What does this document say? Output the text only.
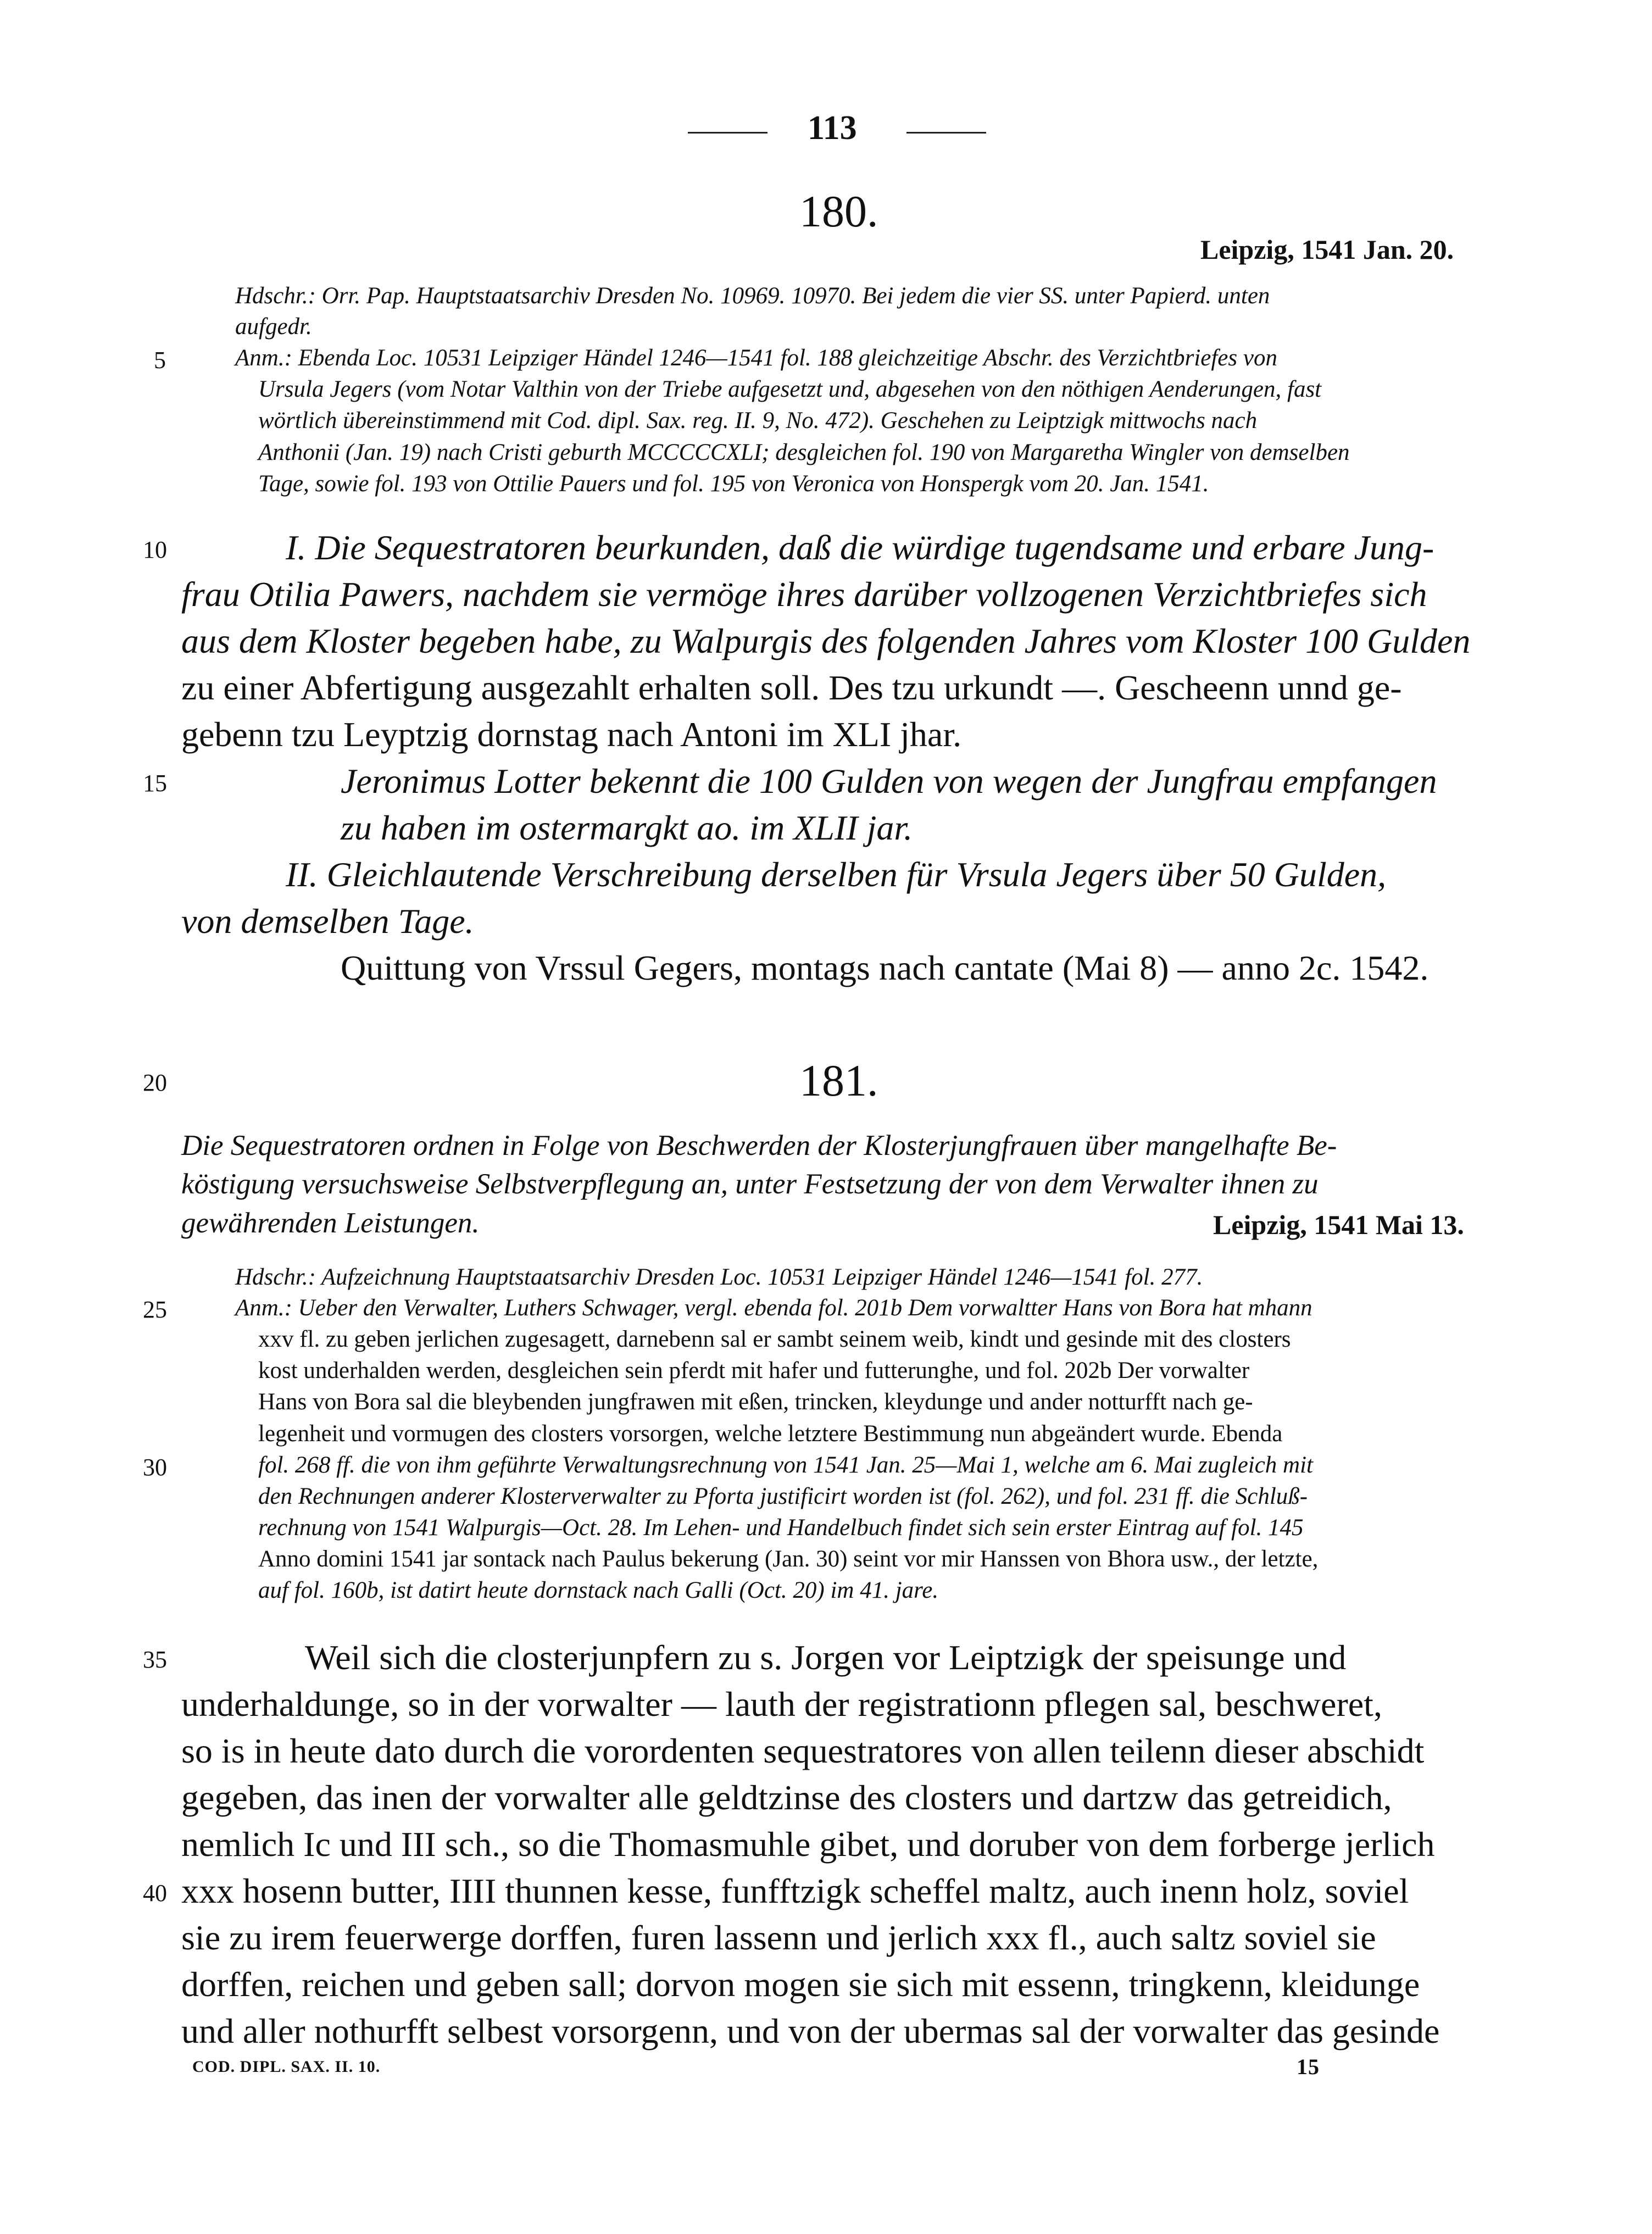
113
180.
Leipzig, 1541 Jan. 20.
Hdschr.: Orr. Pap. Hauptstaatsarchiv Dresden No. 10969. 10970. Bei jedem die vier SS. unter Papierd. unten
aufgedr.
Anm.: Ebenda Loc. 10531 Leipziger Händel 1246—1541 fol. 188 gleichzeitige Abschr. des Verzichtbriefes von
Ursula Jegers (vom Notar Valthin von der Triebe aufgesetzt und, abgesehen von den nöthigen Aenderungen, fast
wörtlich übereinstimmend mit Cod. dipl. Sax. reg. II. 9, No. 472). Geschehen zu Leiptzigk mittwochs nach
Anthonii (Jan. 19) nach Cristi geburth MCCCCCXLI; desgleichen fol. 190 von Margaretha Wingler von demselben
Tage, sowie fol. 193 von Ottilie Pauers und fol. 195 von Veronica von Honspergk vom 20. Jan. 1541.
I. Die Sequestratoren beurkunden, daß die würdige tugendsame und erbare Jung-
frau Otilia Pawers, nachdem sie vermöge ihres darüber vollzogenen Verzichtbriefes sich
aus dem Kloster begeben habe, zu Walpurgis des folgenden Jahres vom Kloster 100 Gulden
zu einer Abfertigung ausgezahlt erhalten soll. Des tzu urkundt —. Gescheenn unnd ge-
gebenn tzu Leyptzig dornstag nach Antoni im XLI jhar.
Jeronimus Lotter bekennt die 100 Gulden von wegen der Jungfrau empfangen
zu haben im ostermargkt ao. im XLII jar.
II. Gleichlautende Verschreibung derselben für Vrsula Jegers über 50 Gulden,
von demselben Tage.
Quittung von Vrssul Gegers, montags nach cantate (Mai 8) — anno 2c. 1542.
181.
Die Sequestratoren ordnen in Folge von Beschwerden der Klosterjungfrauen über mangelhafte Be-
köstigung versuchsweise Selbstverpflegung an, unter Festsetzung der von dem Verwalter ihnen zu
gewährenden Leistungen.	Leipzig, 1541 Mai 13.
Hdschr.: Aufzeichnung Hauptstaatsarchiv Dresden Loc. 10531 Leipziger Händel 1246—1541 fol. 277.
Anm.: Ueber den Verwalter, Luthers Schwager, vergl. ebenda fol. 201b Dem vorwaltter Hans von Bora hat mhann
xxv fl. zu geben jerlichen zugesagett, darnebenn sal er sambt seinem weib, kindt und gesinde mit des closters
kost underhalden werden, desgleichen sein pferdt mit hafer und futterunghe, und fol. 202b Der vorwalter
Hans von Bora sal die bleybenden jungfrawen mit eßen, trincken, kleydunge und ander notturfft nach ge-
legenheit und vormugen des closters vorsorgen, welche letztere Bestimmung nun abgeändert wurde. Ebenda
fol. 268 ff. die von ihm geführte Verwaltungsrechnung von 1541 Jan. 25—Mai 1, welche am 6. Mai zugleich mit
den Rechnungen anderer Klosterverwalter zu Pforta justificirt worden ist (fol. 262), und fol. 231 ff. die Schluß-
rechnung von 1541 Walpurgis—Oct. 28. Im Lehen- und Handelbuch findet sich sein erster Eintrag auf fol. 145
Anno domini 1541 jar sontack nach Paulus bekerung (Jan. 30) seint vor mir Hanssen von Bhora usw., der letzte,
auf fol. 160b, ist datirt heute dornstack nach Galli (Oct. 20) im 41. jare.
Weil sich die closterjunpfern zu s. Jorgen vor Leiptzigk der speisunge und
underhaldunge, so in der vorwalter — lauth der registrationn pflegen sal, beschweret,
so is in heute dato durch die vorordenten sequestratores von allen teilenn dieser abschidt
gegeben, das inen der vorwalter alle geldtzinse des closters und dartzw das getreidich,
nemlich Ic und III sch., so die Thomasmuhle gibet, und doruber von dem forberge jerlich
xxx hosenn butter, IIII thunnen kesse, funfftzigk scheffel maltz, auch inenn holz, soviel
sie zu irem feuerwerge dorffen, furen lassenn und jerlich xxx fl., auch saltz soviel sie
dorffen, reichen und geben sall; dorvon mogen sie sich mit essenn, tringkenn, kleidunge
und aller nothurfft selbest vorsorgenn, und von der ubermas sal der vorwalter das gesinde
5
10
15
20
25
30
35
40
COD. DIPL. SAX. II. 10.	15
